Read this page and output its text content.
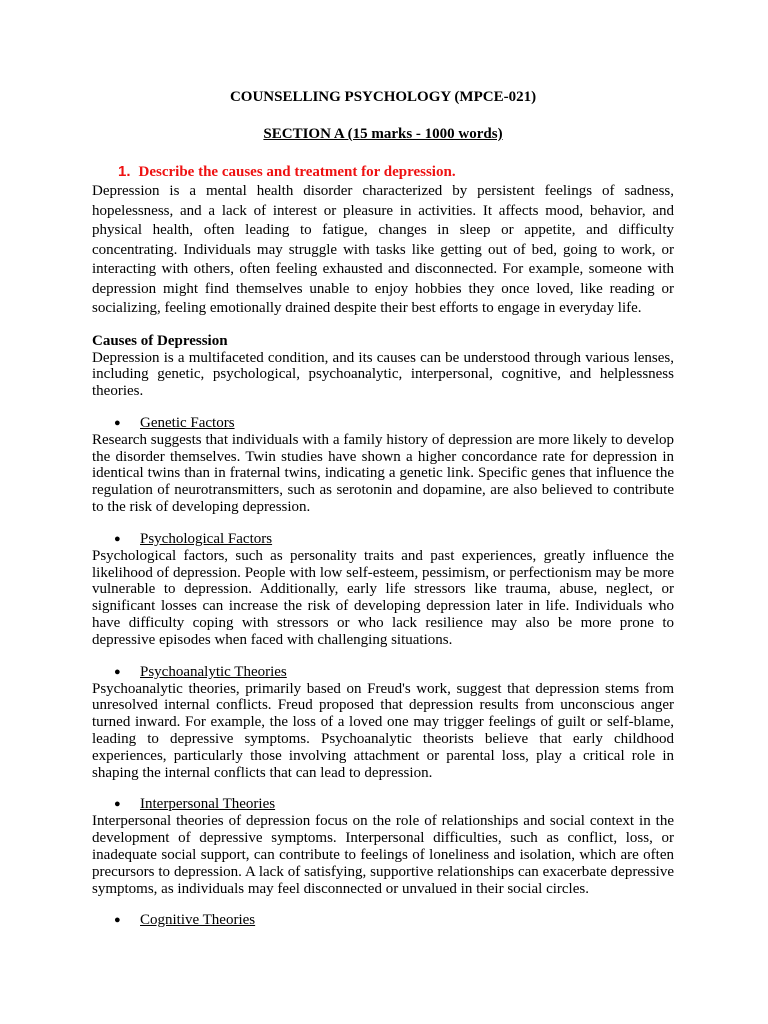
COUNSELLING PSYCHOLOGY (MPCE-021)
SECTION A (15 marks - 1000 words)
1. Describe the causes and treatment for depression.

Depression is a mental health disorder characterized by persistent feelings of sadness, hopelessness, and a lack of interest or pleasure in activities. It affects mood, behavior, and physical health, often leading to fatigue, changes in sleep or appetite, and difficulty concentrating. Individuals may struggle with tasks like getting out of bed, going to work, or interacting with others, often feeling exhausted and disconnected. For example, someone with depression might find themselves unable to enjoy hobbies they once loved, like reading or socializing, feeling emotionally drained despite their best efforts to engage in everyday life.

Causes of Depression

Depression is a multifaceted condition, and its causes can be understood through various lenses, including genetic, psychological, psychoanalytic, interpersonal, cognitive, and helplessness theories.

●	Genetic Factors

Research suggests that individuals with a family history of depression are more likely to develop the disorder themselves. Twin studies have shown a higher concordance rate for depression in identical twins than in fraternal twins, indicating a genetic link. Specific genes that influence the regulation of neurotransmitters, such as serotonin and dopamine, are also believed to contribute to the risk of developing depression.

●	Psychological Factors

Psychological factors, such as personality traits and past experiences, greatly influence the likelihood of depression. People with low self-esteem, pessimism, or perfectionism may be more vulnerable to depression. Additionally, early life stressors like trauma, abuse, neglect, or significant losses can increase the risk of developing depression later in life. Individuals who have difficulty coping with stressors or who lack resilience may also be more prone to depressive episodes when faced with challenging situations.

●	Psychoanalytic Theories

Psychoanalytic theories, primarily based on Freud's work, suggest that depression stems from unresolved internal conflicts. Freud proposed that depression results from unconscious anger turned inward. For example, the loss of a loved one may trigger feelings of guilt or self-blame, leading to depressive symptoms. Psychoanalytic theorists believe that early childhood experiences, particularly those involving attachment or parental loss, play a critical role in shaping the internal conflicts that can lead to depression.

●	Interpersonal Theories

Interpersonal theories of depression focus on the role of relationships and social context in the development of depressive symptoms. Interpersonal difficulties, such as conflict, loss, or inadequate social support, can contribute to feelings of loneliness and isolation, which are often precursors to depression. A lack of satisfying, supportive relationships can exacerbate depressive symptoms, as individuals may feel disconnected or unvalued in their social circles.

●	Cognitive Theories
